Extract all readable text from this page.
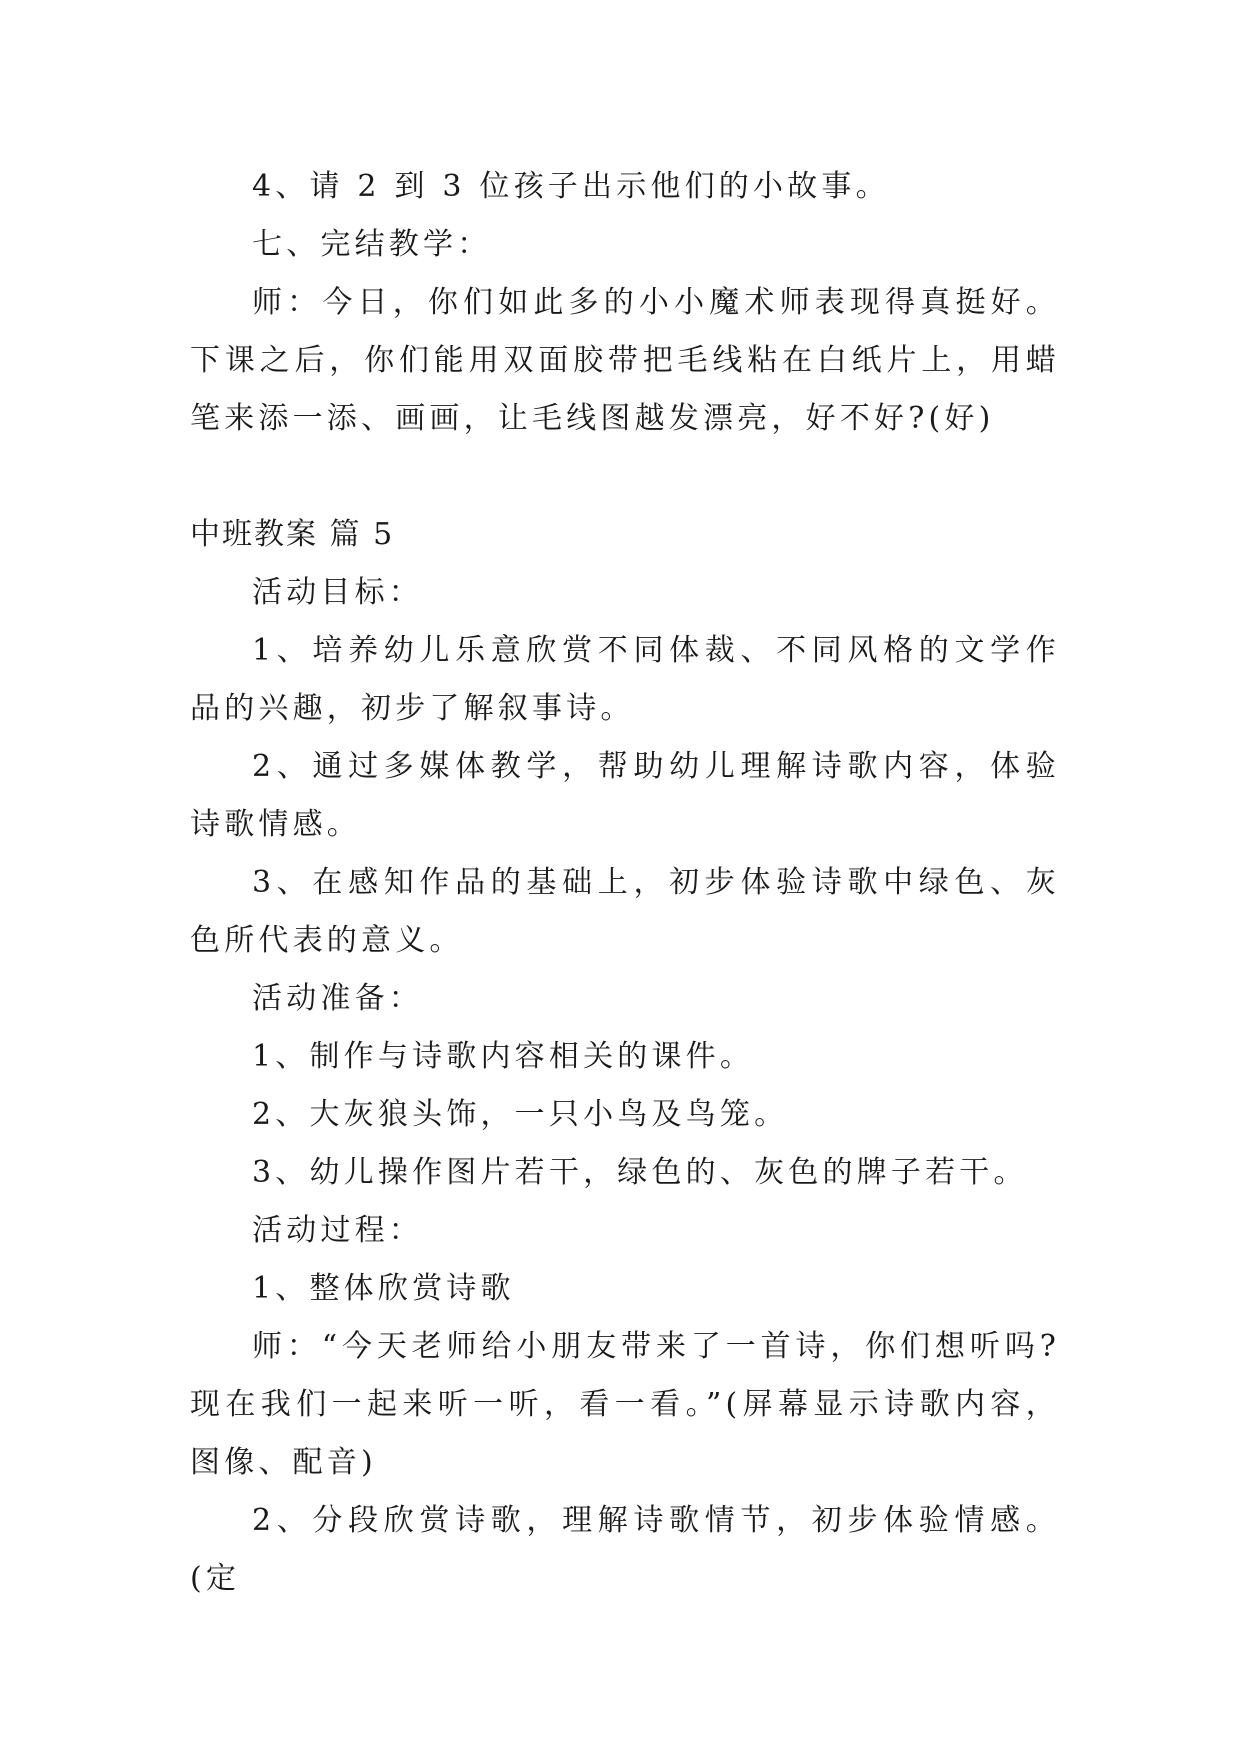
4、请 2 到 3 位孩子出示他们的小故事。

七、完结教学：

师：今日，你们如此多的小小魔术师表现得真挺好。下课之后，你们能用双面胶带把毛线粘在白纸片上，用蜡笔来添一添、画画，让毛线图越发漂亮，好不好?(好)

中班教案 篇 5

活动目标：

1、培养幼儿乐意欣赏不同体裁、不同风格的文学作品的兴趣，初步了解叙事诗。

2、通过多媒体教学，帮助幼儿理解诗歌内容，体验诗歌情感。

3、在感知作品的基础上，初步体验诗歌中绿色、灰色所代表的意义。

活动准备：

1、制作与诗歌内容相关的课件。

2、大灰狼头饰，一只小鸟及鸟笼。

3、幼儿操作图片若干，绿色的、灰色的牌子若干。

活动过程：

1、整体欣赏诗歌

师：“今天老师给小朋友带来了一首诗，你们想听吗?现在我们一起来听一听，看一看。”(屏幕显示诗歌内容，图像、配音)

2、分段欣赏诗歌，理解诗歌情节，初步体验情感。(定
